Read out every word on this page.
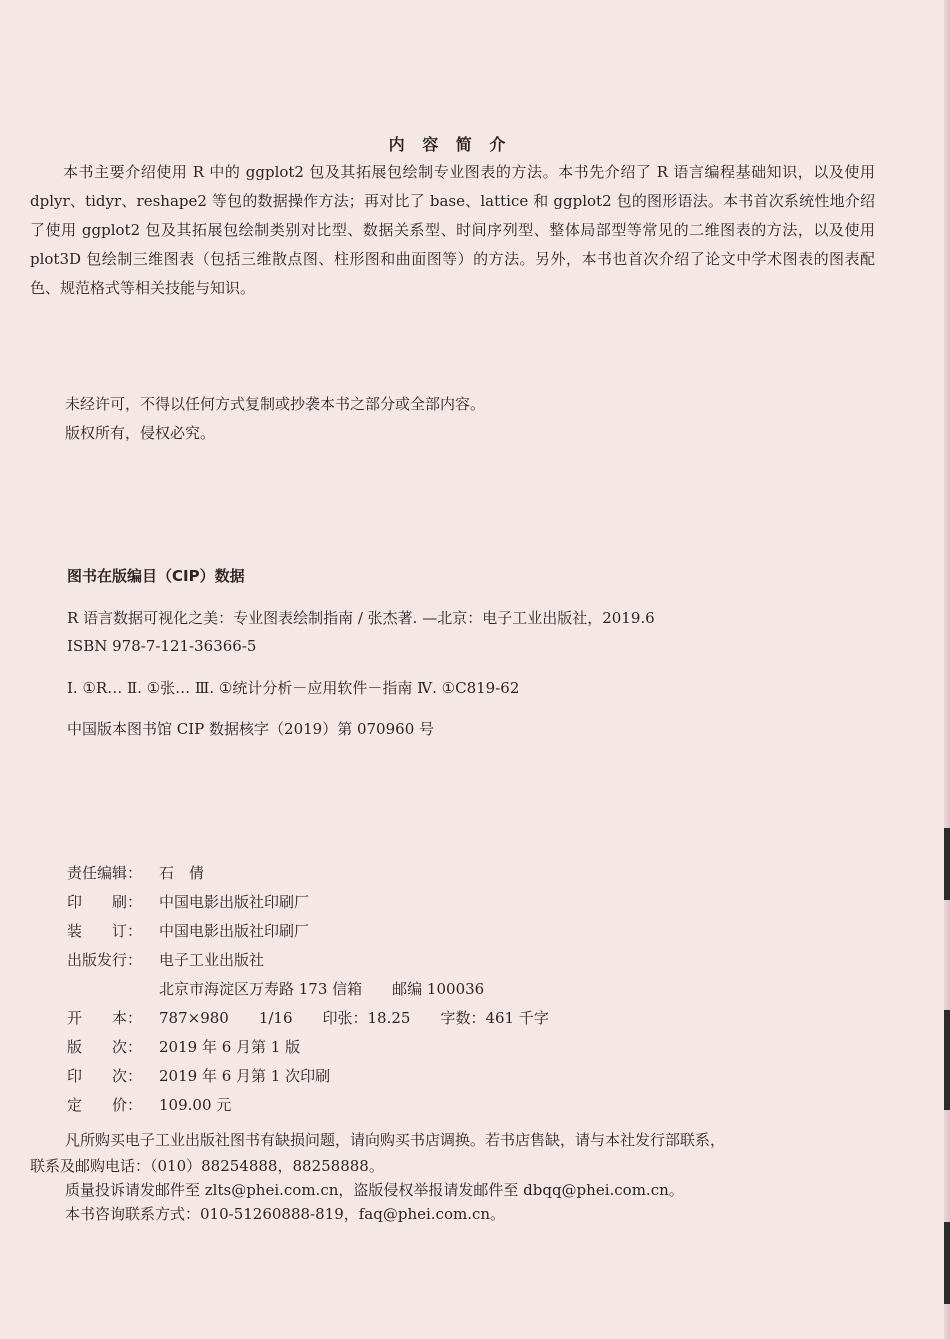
内 容 简 介

本书主要介绍使用 R 中的 ggplot2 包及其拓展包绘制专业图表的方法。本书先介绍了 R 语言编程基础知识，以及使用 dplyr、tidyr、reshape2 等包的数据操作方法；再对比了 base、lattice 和 ggplot2 包的图形语法。本书首次系统性地介绍了使用 ggplot2 包及其拓展包绘制类别对比型、数据关系型、时间序列型、整体局部型等常见的二维图表的方法，以及使用 plot3D 包绘制三维图表（包括三维散点图、柱形图和曲面图等）的方法。另外，本书也首次介绍了论文中学术图表的图表配色、规范格式等相关技能与知识。

未经许可，不得以任何方式复制或抄袭本书之部分或全部内容。
版权所有，侵权必究。
图书在版编目（CIP）数据
R 语言数据可视化之美：专业图表绘制指南 / 张杰著. —北京：电子工业出版社，2019.6
ISBN 978-7-121-36366-5
Ⅰ. ①R… Ⅱ. ①张… Ⅲ. ①统计分析－应用软件－指南 Ⅳ. ①C819-62
中国版本图书馆 CIP 数据核字（2019）第 070960 号
责任编辑： 石　倩
印　　刷： 中国电影出版社印刷厂
装　　订： 中国电影出版社印刷厂
出版发行： 电子工业出版社
北京市海淀区万寿路 173 信箱　　邮编 100036
开　　本： 787×980　　1/16　　印张：18.25　　字数：461 千字
版　　次： 2019 年 6 月第 1 版
印　　次： 2019 年 6 月第 1 次印刷
定　　价： 109.00 元
凡所购买电子工业出版社图书有缺损问题，请向购买书店调换。若书店售缺，请与本社发行部联系，
联系及邮购电话：（010）88254888，88258888。
质量投诉请发邮件至 zlts@phei.com.cn，盗版侵权举报请发邮件至 dbqq@phei.com.cn。
本书咨询联系方式：010-51260888-819，faq@phei.com.cn。
